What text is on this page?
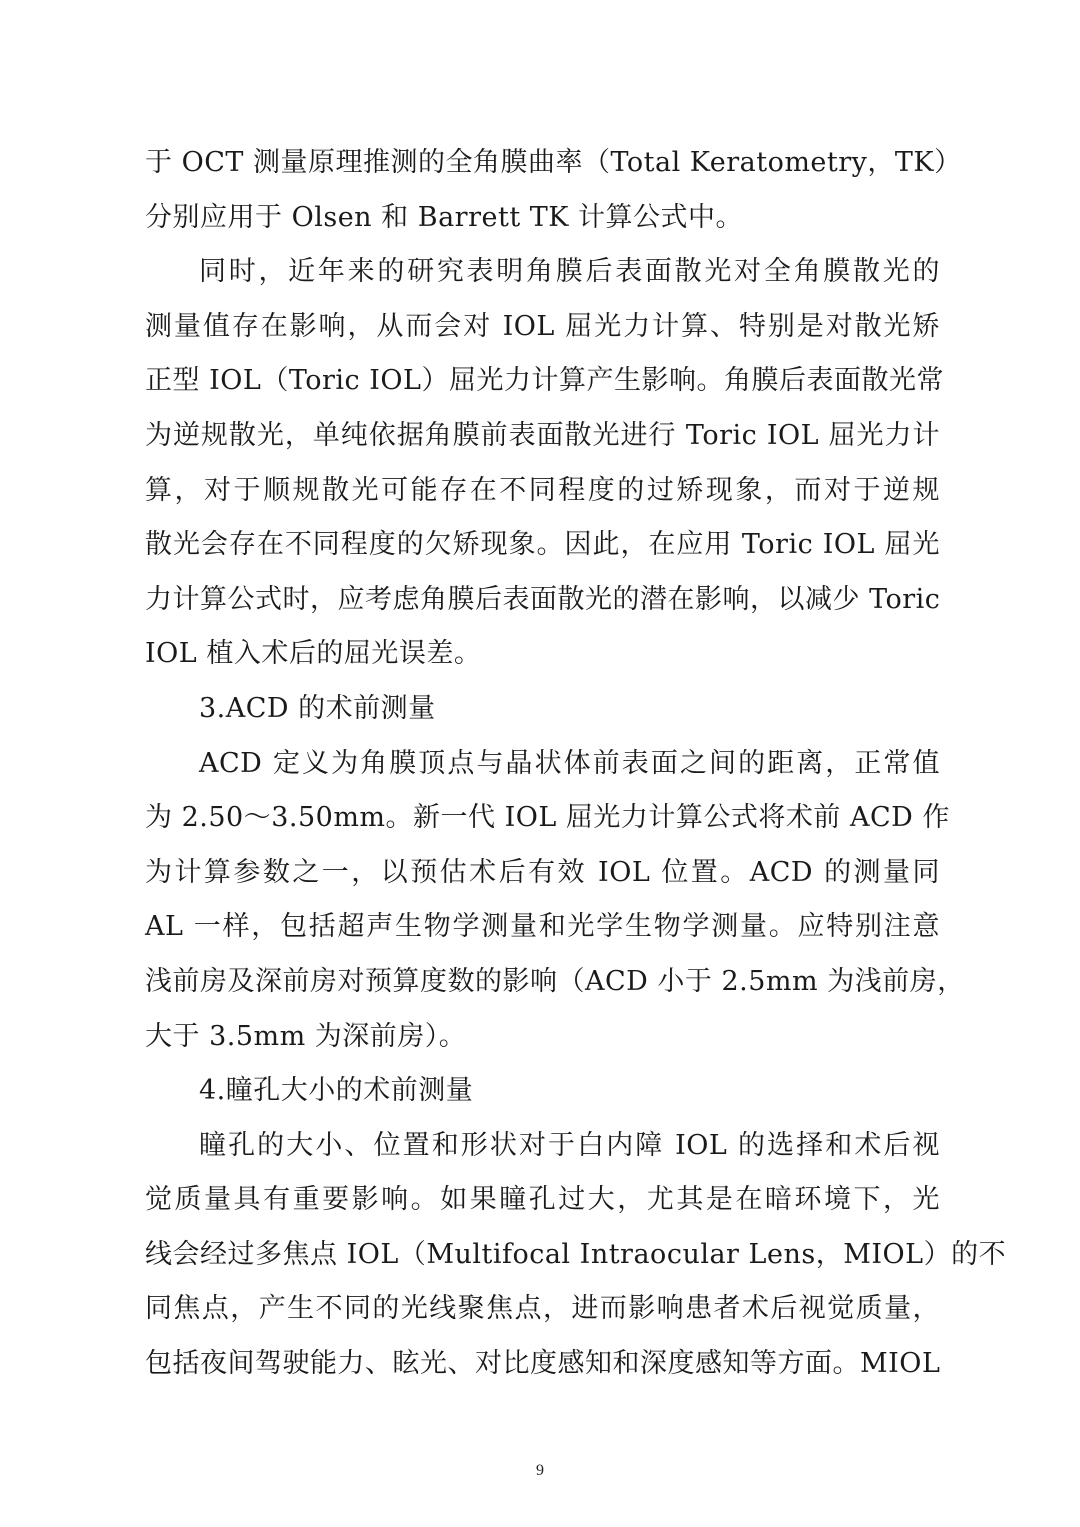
于 OCT 测量原理推测的全角膜曲率（Total Keratometry，TK）
分别应用于 Olsen 和 Barrett TK 计算公式中。
同时，近年来的研究表明角膜后表面散光对全角膜散光的
测量值存在影响，从而会对 IOL 屈光力计算、特别是对散光矫
正型 IOL（Toric IOL）屈光力计算产生影响。角膜后表面散光常
为逆规散光，单纯依据角膜前表面散光进行 Toric IOL 屈光力计
算，对于顺规散光可能存在不同程度的过矫现象，而对于逆规
散光会存在不同程度的欠矫现象。因此，在应用 Toric IOL 屈光
力计算公式时，应考虑角膜后表面散光的潜在影响，以减少 Toric
IOL 植入术后的屈光误差。
3.ACD 的术前测量
ACD 定义为角膜顶点与晶状体前表面之间的距离，正常值
为 2.50～3.50mm。新一代 IOL 屈光力计算公式将术前 ACD 作
为计算参数之一，以预估术后有效 IOL 位置。ACD 的测量同
AL 一样，包括超声生物学测量和光学生物学测量。应特别注意
浅前房及深前房对预算度数的影响（ACD 小于 2.5mm 为浅前房，
大于 3.5mm 为深前房）。
4.瞳孔大小的术前测量
瞳孔的大小、位置和形状对于白内障 IOL 的选择和术后视
觉质量具有重要影响。如果瞳孔过大，尤其是在暗环境下，光
线会经过多焦点 IOL（Multifocal Intraocular Lens，MIOL）的不
同焦点，产生不同的光线聚焦点，进而影响患者术后视觉质量，
包括夜间驾驶能力、眩光、对比度感知和深度感知等方面。MIOL
9
